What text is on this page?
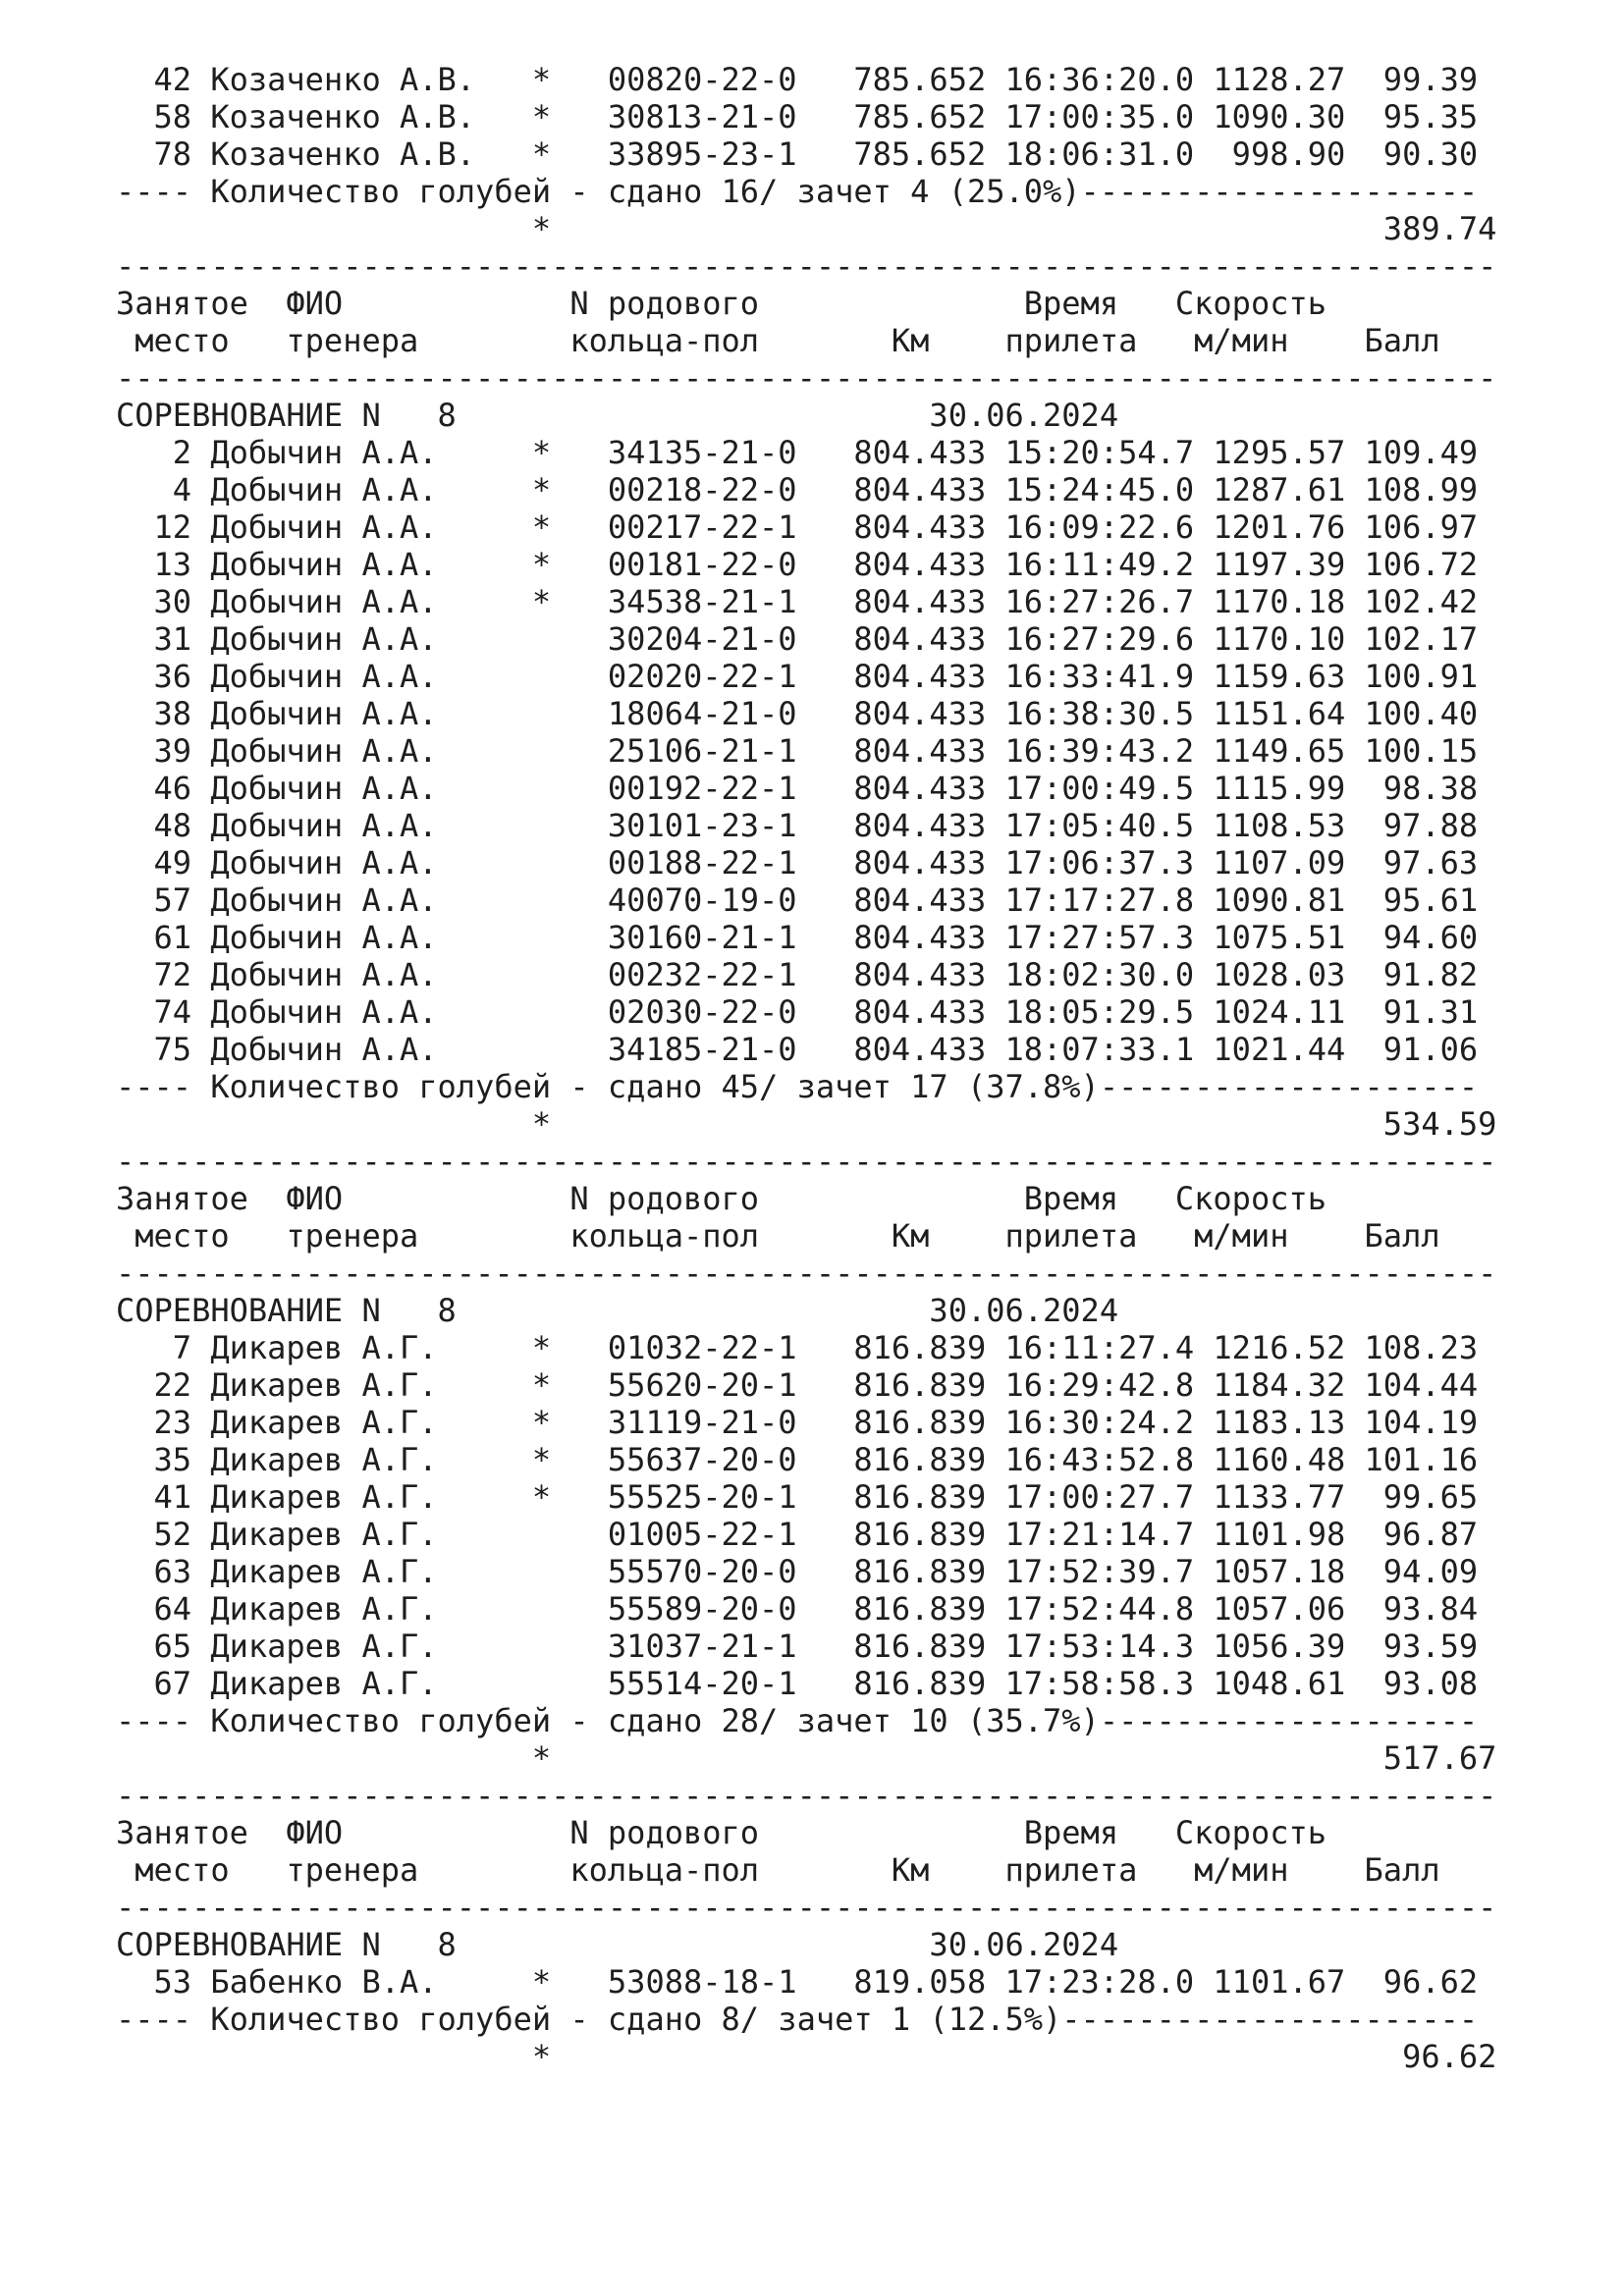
42 Козаченко А.В.   *   00820-22-0   785.652 16:36:20.0 1128.27  99.39
58 Козаченко А.В.   *   30813-21-0   785.652 17:00:35.0 1090.30  95.35
78 Козаченко А.В.   *   33895-23-1   785.652 18:06:31.0  998.90  90.30
---- Количество голубей - сдано 16/ зачет 4 (25.0%)---------------------
*                                            389.74
-------------------------------------------------------------------------
Занятое  ФИО            N родового              Время   Скорость
место   тренера        кольца-пол       Км    прилета   м/мин    Балл
-------------------------------------------------------------------------
СОРЕВНОВАНИЕ N   8                         30.06.2024
2 Добычин А.А.     *   34135-21-0   804.433 15:20:54.7 1295.57 109.49
4 Добычин А.А.     *   00218-22-0   804.433 15:24:45.0 1287.61 108.99
12 Добычин А.А.     *   00217-22-1   804.433 16:09:22.6 1201.76 106.97
13 Добычин А.А.     *   00181-22-0   804.433 16:11:49.2 1197.39 106.72
30 Добычин А.А.     *   34538-21-1   804.433 16:27:26.7 1170.18 102.42
31 Добычин А.А.         30204-21-0   804.433 16:27:29.6 1170.10 102.17
36 Добычин А.А.         02020-22-1   804.433 16:33:41.9 1159.63 100.91
38 Добычин А.А.         18064-21-0   804.433 16:38:30.5 1151.64 100.40
39 Добычин А.А.         25106-21-1   804.433 16:39:43.2 1149.65 100.15
46 Добычин А.А.         00192-22-1   804.433 17:00:49.5 1115.99  98.38
48 Добычин А.А.         30101-23-1   804.433 17:05:40.5 1108.53  97.88
49 Добычин А.А.         00188-22-1   804.433 17:06:37.3 1107.09  97.63
57 Добычин А.А.         40070-19-0   804.433 17:17:27.8 1090.81  95.61
61 Добычин А.А.         30160-21-1   804.433 17:27:57.3 1075.51  94.60
72 Добычин А.А.         00232-22-1   804.433 18:02:30.0 1028.03  91.82
74 Добычин А.А.         02030-22-0   804.433 18:05:29.5 1024.11  91.31
75 Добычин А.А.         34185-21-0   804.433 18:07:33.1 1021.44  91.06
---- Количество голубей - сдано 45/ зачет 17 (37.8%)--------------------
*                                            534.59
-------------------------------------------------------------------------
Занятое  ФИО            N родового              Время   Скорость
место   тренера        кольца-пол       Км    прилета   м/мин    Балл
-------------------------------------------------------------------------
СОРЕВНОВАНИЕ N   8                         30.06.2024
7 Дикарев А.Г.     *   01032-22-1   816.839 16:11:27.4 1216.52 108.23
22 Дикарев А.Г.     *   55620-20-1   816.839 16:29:42.8 1184.32 104.44
23 Дикарев А.Г.     *   31119-21-0   816.839 16:30:24.2 1183.13 104.19
35 Дикарев А.Г.     *   55637-20-0   816.839 16:43:52.8 1160.48 101.16
41 Дикарев А.Г.     *   55525-20-1   816.839 17:00:27.7 1133.77  99.65
52 Дикарев А.Г.         01005-22-1   816.839 17:21:14.7 1101.98  96.87
63 Дикарев А.Г.         55570-20-0   816.839 17:52:39.7 1057.18  94.09
64 Дикарев А.Г.         55589-20-0   816.839 17:52:44.8 1057.06  93.84
65 Дикарев А.Г.         31037-21-1   816.839 17:53:14.3 1056.39  93.59
67 Дикарев А.Г.         55514-20-1   816.839 17:58:58.3 1048.61  93.08
---- Количество голубей - сдано 28/ зачет 10 (35.7%)--------------------
*                                            517.67
-------------------------------------------------------------------------
Занятое  ФИО            N родового              Время   Скорость
место   тренера        кольца-пол       Км    прилета   м/мин    Балл
-------------------------------------------------------------------------
СОРЕВНОВАНИЕ N   8                         30.06.2024
53 Бабенко В.А.     *   53088-18-1   819.058 17:23:28.0 1101.67  96.62
---- Количество голубей - сдано 8/ зачет 1 (12.5%)----------------------
*                                             96.62
